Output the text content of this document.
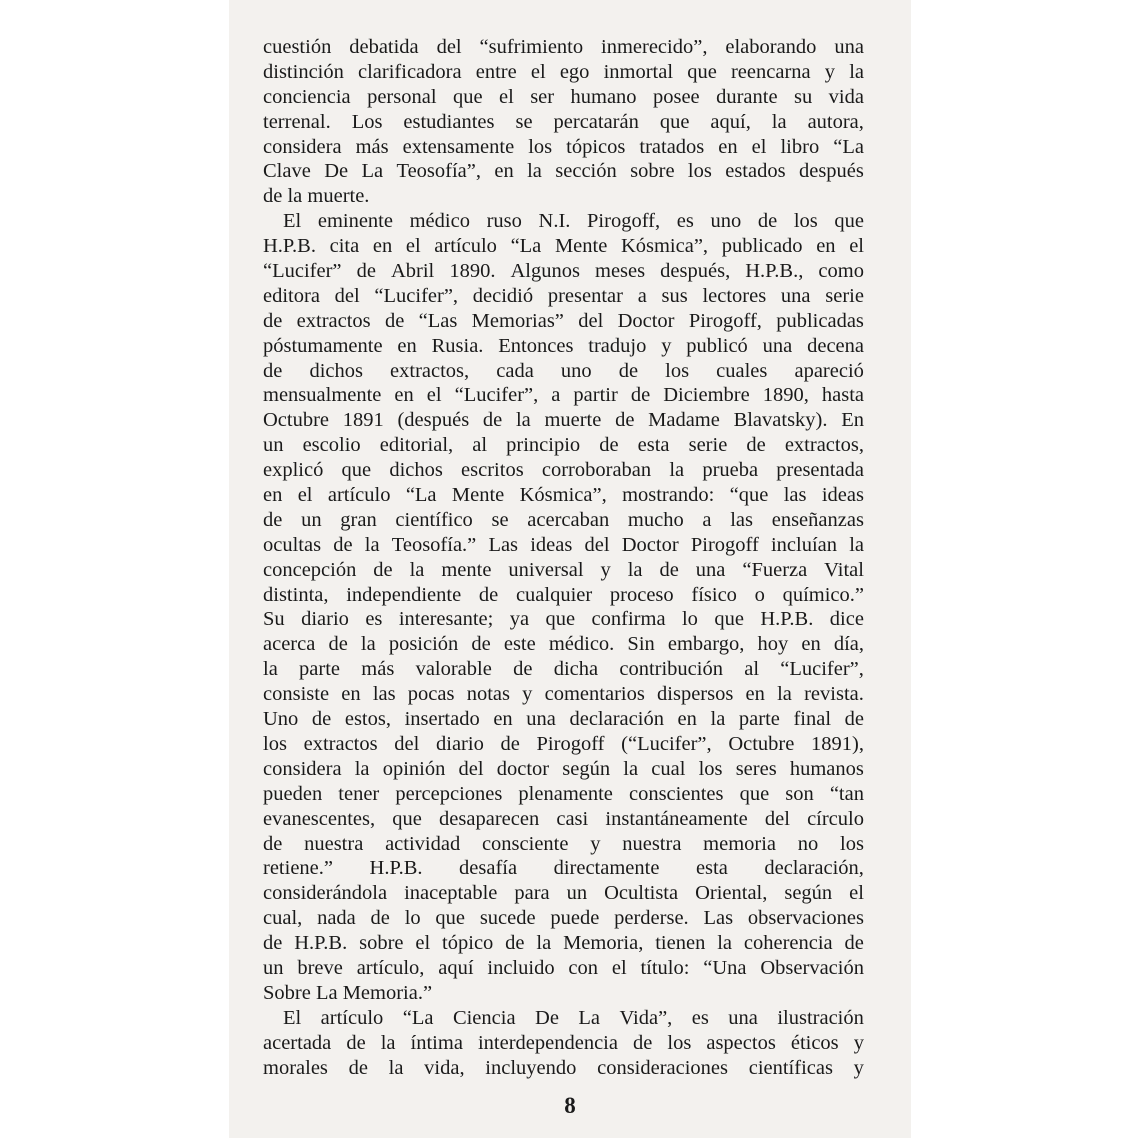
cuestión debatida del “sufrimiento inmerecido”, elaborando una
distinción clarificadora entre el ego inmortal que reencarna y la
conciencia personal que el ser humano posee durante su vida
terrenal. Los estudiantes se percatarán que aquí, la autora,
considera más extensamente los tópicos tratados en el libro “La
Clave De La Teosofía”, en la sección sobre los estados después
de la muerte.
El eminente médico ruso N.I. Pirogoff, es uno de los que
H.P.B. cita en el artículo “La Mente Kósmica”, publicado en el
“Lucifer” de Abril 1890. Algunos meses después, H.P.B., como
editora del “Lucifer”, decidió presentar a sus lectores una serie
de extractos de “Las Memorias” del Doctor Pirogoff, publicadas
póstumamente en Rusia. Entonces tradujo y publicó una decena
de dichos extractos, cada uno de los cuales apareció
mensualmente en el “Lucifer”, a partir de Diciembre 1890, hasta
Octubre 1891 (después de la muerte de Madame Blavatsky). En
un escolio editorial, al principio de esta serie de extractos,
explicó que dichos escritos corroboraban la prueba presentada
en el artículo “La Mente Kósmica”, mostrando: “que las ideas
de un gran científico se acercaban mucho a las enseñanzas
ocultas de la Teosofía.” Las ideas del Doctor Pirogoff incluían la
concepción de la mente universal y la de una “Fuerza Vital
distinta, independiente de cualquier proceso físico o químico.”
Su diario es interesante; ya que confirma lo que H.P.B. dice
acerca de la posición de este médico. Sin embargo, hoy en día,
la parte más valorable de dicha contribución al “Lucifer”,
consiste en las pocas notas y comentarios dispersos en la revista.
Uno de estos, insertado en una declaración en la parte final de
los extractos del diario de Pirogoff (“Lucifer”, Octubre 1891),
considera la opinión del doctor según la cual los seres humanos
pueden tener percepciones plenamente conscientes que son “tan
evanescentes, que desaparecen casi instantáneamente del círculo
de nuestra actividad consciente y nuestra memoria no los
retiene.” H.P.B. desafía directamente esta declaración,
considerándola inaceptable para un Ocultista Oriental, según el
cual, nada de lo que sucede puede perderse. Las observaciones
de H.P.B. sobre el tópico de la Memoria, tienen la coherencia de
un breve artículo, aquí incluido con el título: “Una Observación
Sobre La Memoria.”
El artículo “La Ciencia De La Vida”, es una ilustración
acertada de la íntima interdependencia de los aspectos éticos y
morales de la vida, incluyendo consideraciones científicas y
8
